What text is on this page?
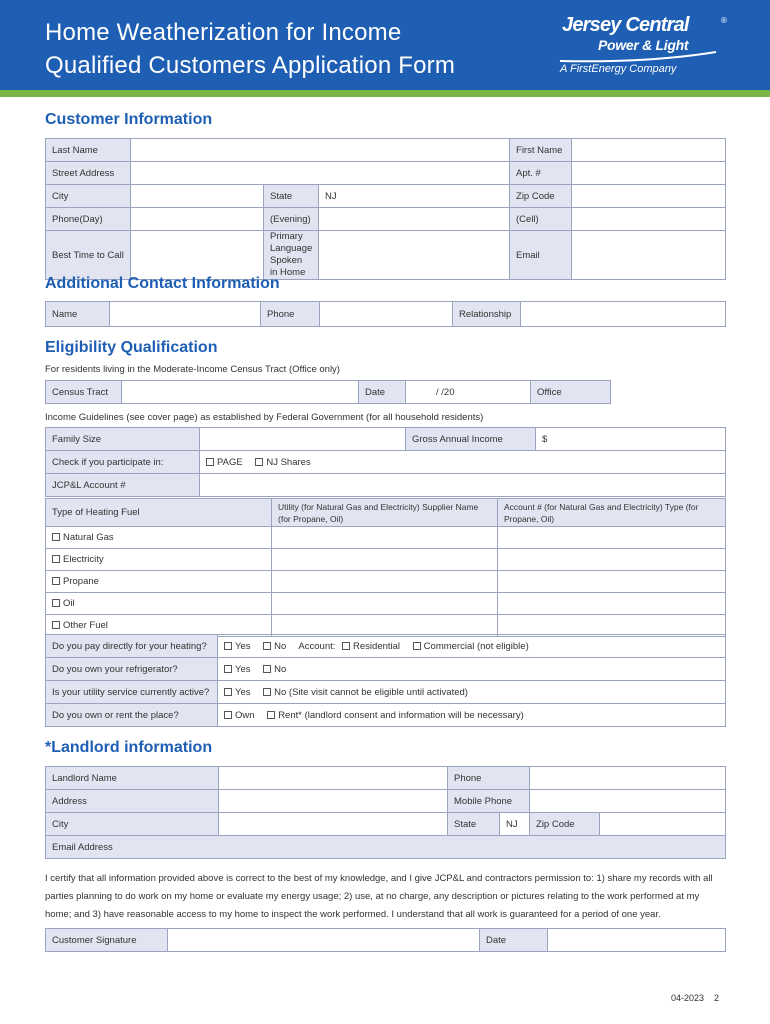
Home Weatherization for Income
Qualified Customers Application Form
Jersey Central	®
Power & Light
A FirstEnergy Company
Customer Information
Last Name				First Name	
Street Address				Apt. #	
City		State	NJ	Zip Code	
Phone(Day)		(Evening)		(Cell)	
Best Time to Call		Primary Language Spoken in Home		Email	
Additional Contact Information
Name		Phone		Relationship	
Eligibility Qualification
For residents living in the Moderate-Income Census Tract (Office only)
Census Tract		Date	/ /20	Office
Income Guidelines (see cover page) as established by Federal Government (for all household residents)
Family Size		Gross Annual Income	$
Check if you participate in:	PAGE NJ Shares		
JCP&L Account #			
Type of Heating Fuel	Utility (for Natural Gas and Electricity) Supplier Name (for Propane, Oil)	Account # (for Natural Gas and Electricity) Type (for Propane, Oil)
Natural Gas		
Electricity		
Propane		
Oil		
Other Fuel		
Do you pay directly for your heating?	Yes No Account: Residential Commercial (not eligible)
Do you own your refrigerator?	Yes No
Is your utility service currently active?	Yes No (Site visit cannot be eligible until activated)
Do you own or rent the place?	Own Rent* (landlord consent and information will be necessary)
*Landlord information
Landlord Name		Phone			
Address		Mobile Phone			
City		State	NJ	Zip Code	
Email Address					
I certify that all information provided above is correct to the best of my knowledge, and I give JCP&L and contractors permission to: 1) share my records with all parties planning to do work on my home or evaluate my energy usage; 2) use, at no charge, any description or pictures relating to the work performed at my home; and 3) have reasonable access to my home to inspect the work performed. I understand that all work is guaranteed for a period of one year.
Customer Signature		Date	
04-2023 2
